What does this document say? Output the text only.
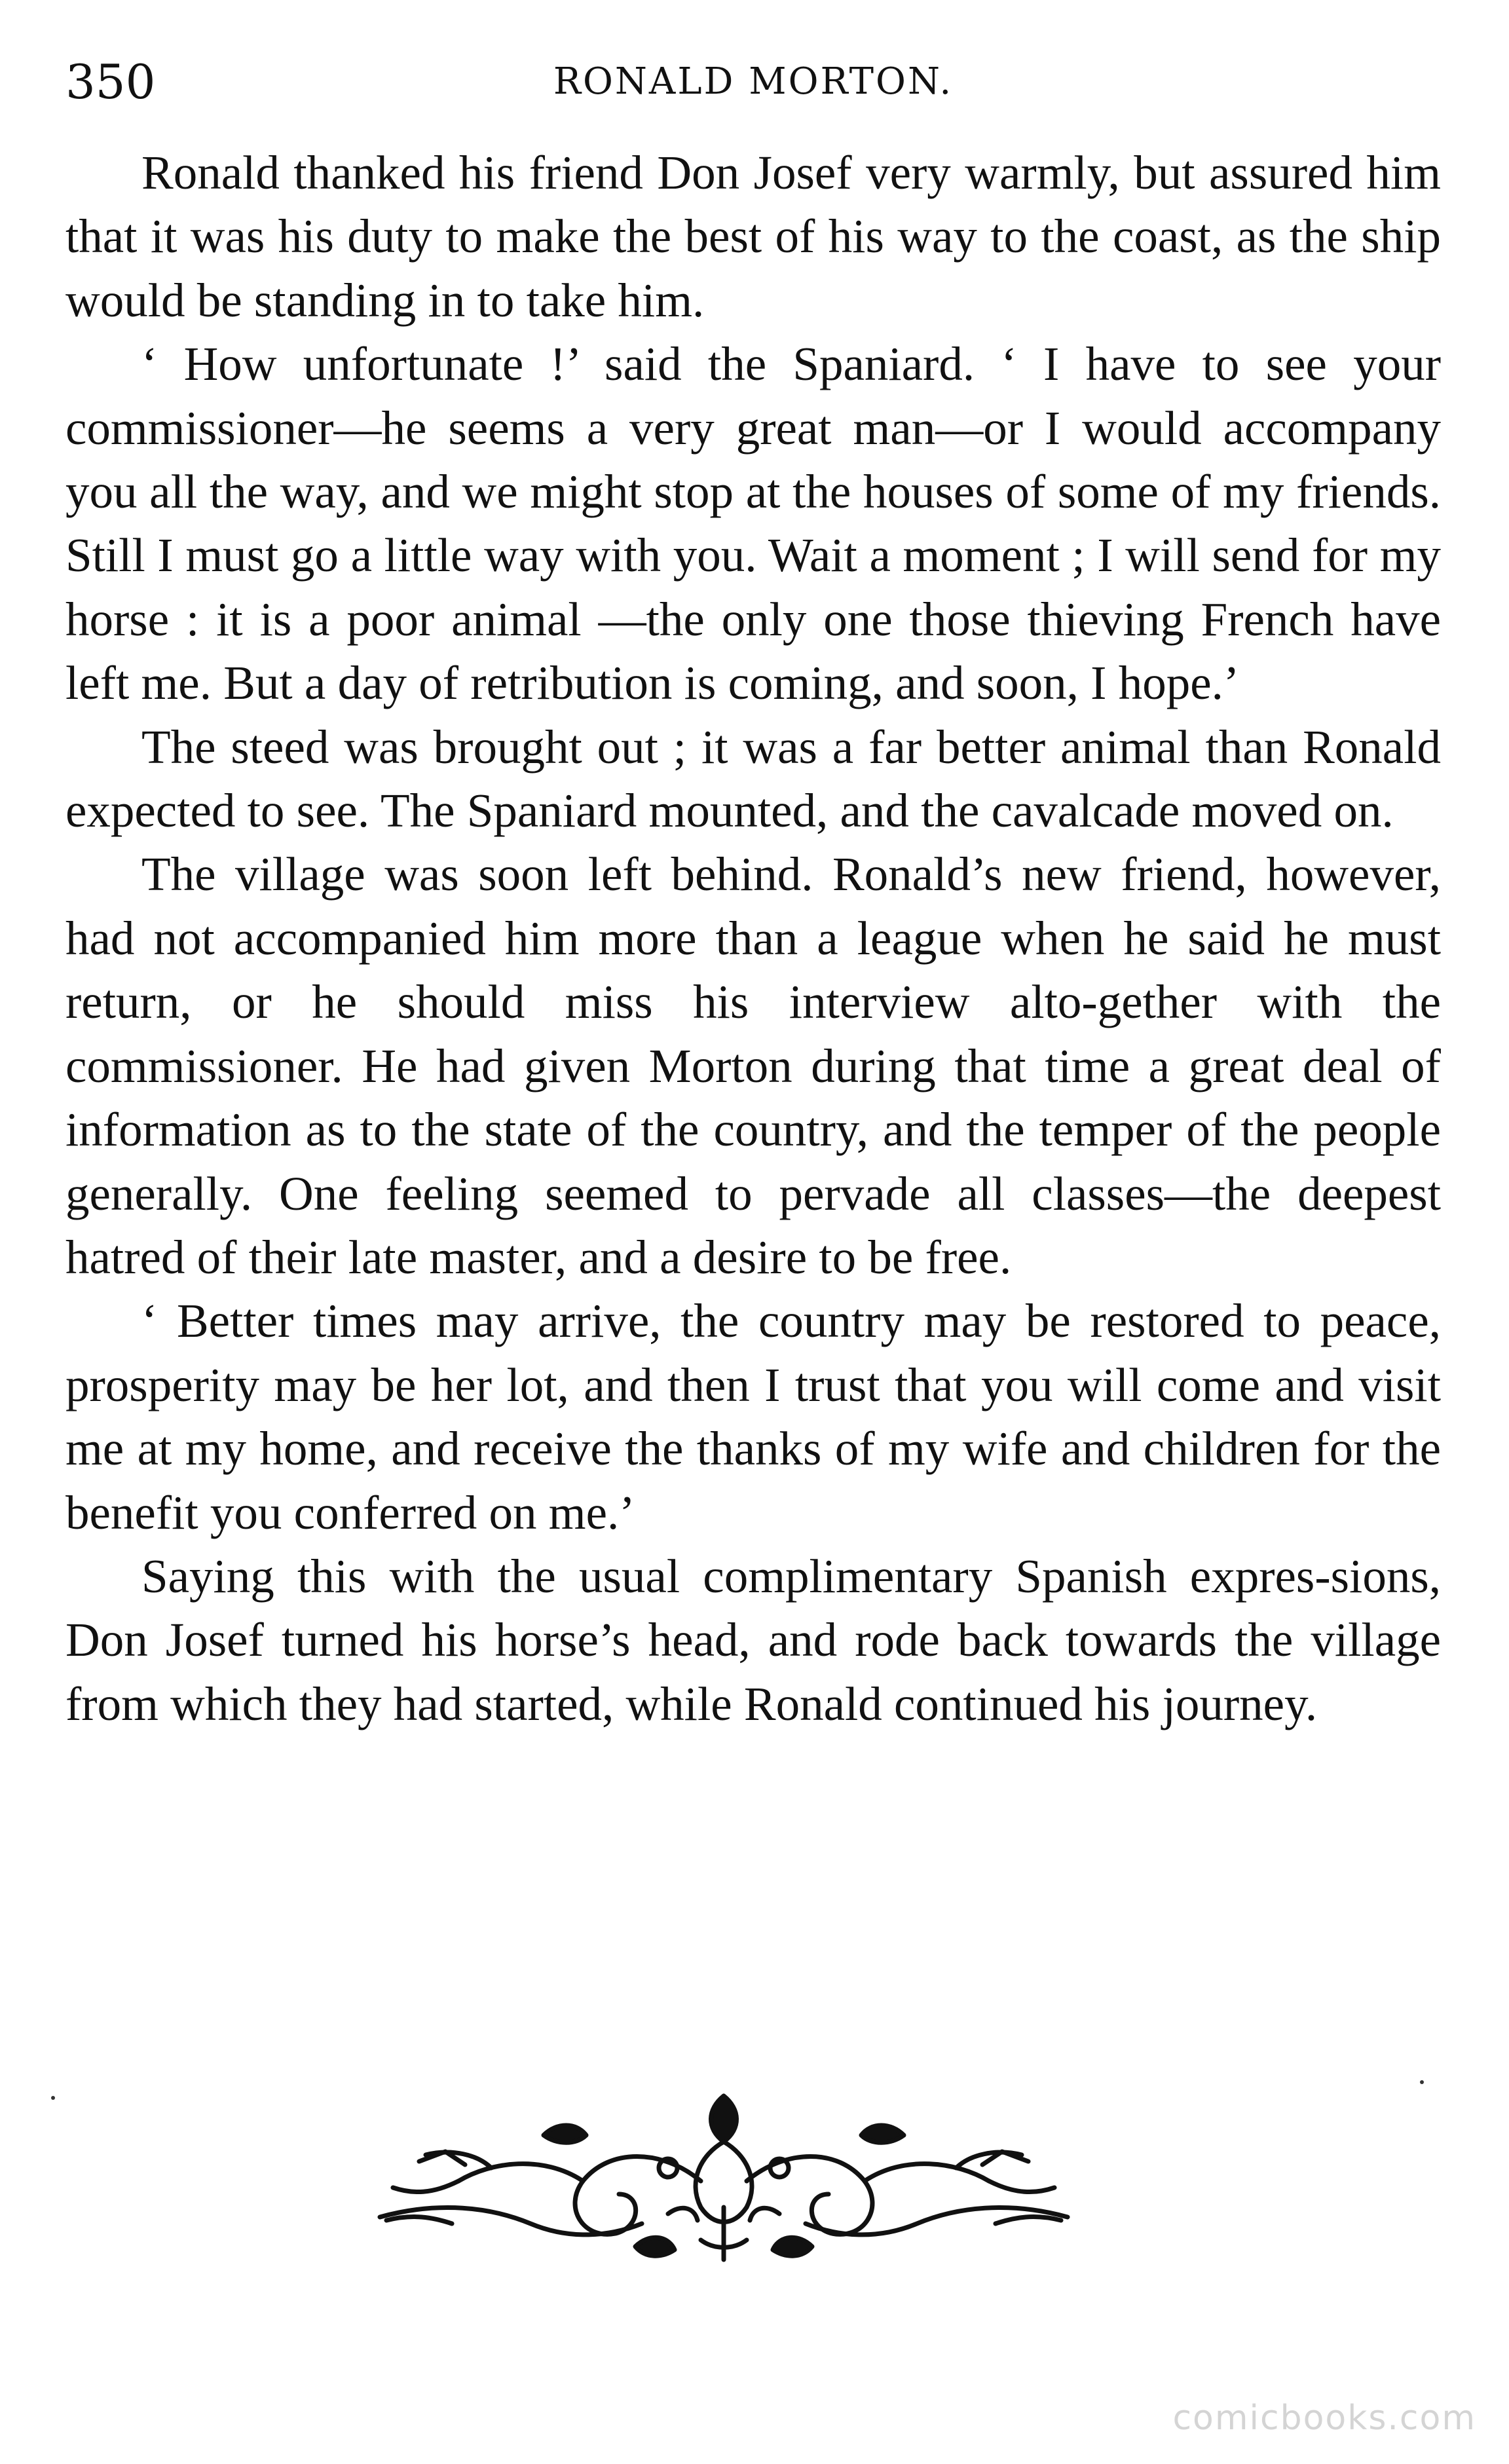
350	RONALD MORTON.

Ronald thanked his friend Don Josef very warmly, but assured him that it was his duty to make the best of his way to the coast, as the ship would be standing in to take him.

‘ How unfortunate !’ said the Spaniard. ‘ I have to see your commissioner—he seems a very great man—or I would accompany you all the way, and we might stop at the houses of some of my friends. Still I must go a little way with you. Wait a moment ; I will send for my horse : it is a poor animal —the only one those thieving French have left me. But a day of retribution is coming, and soon, I hope.’

The steed was brought out ; it was a far better animal than Ronald expected to see. The Spaniard mounted, and the cavalcade moved on.

The village was soon left behind. Ronald’s new friend, however, had not accompanied him more than a league when he said he must return, or he should miss his interview alto-gether with the commissioner. He had given Morton during that time a great deal of information as to the state of the country, and the temper of the people generally. One feeling seemed to pervade all classes—the deepest hatred of their late master, and a desire to be free.

‘ Better times may arrive, the country may be restored to peace, prosperity may be her lot, and then I trust that you will come and visit me at my home, and receive the thanks of my wife and children for the benefit you conferred on me.’

Saying this with the usual complimentary Spanish expres-sions, Don Josef turned his horse’s head, and rode back towards the village from which they had started, while Ronald continued his journey.

comicbooks.com
